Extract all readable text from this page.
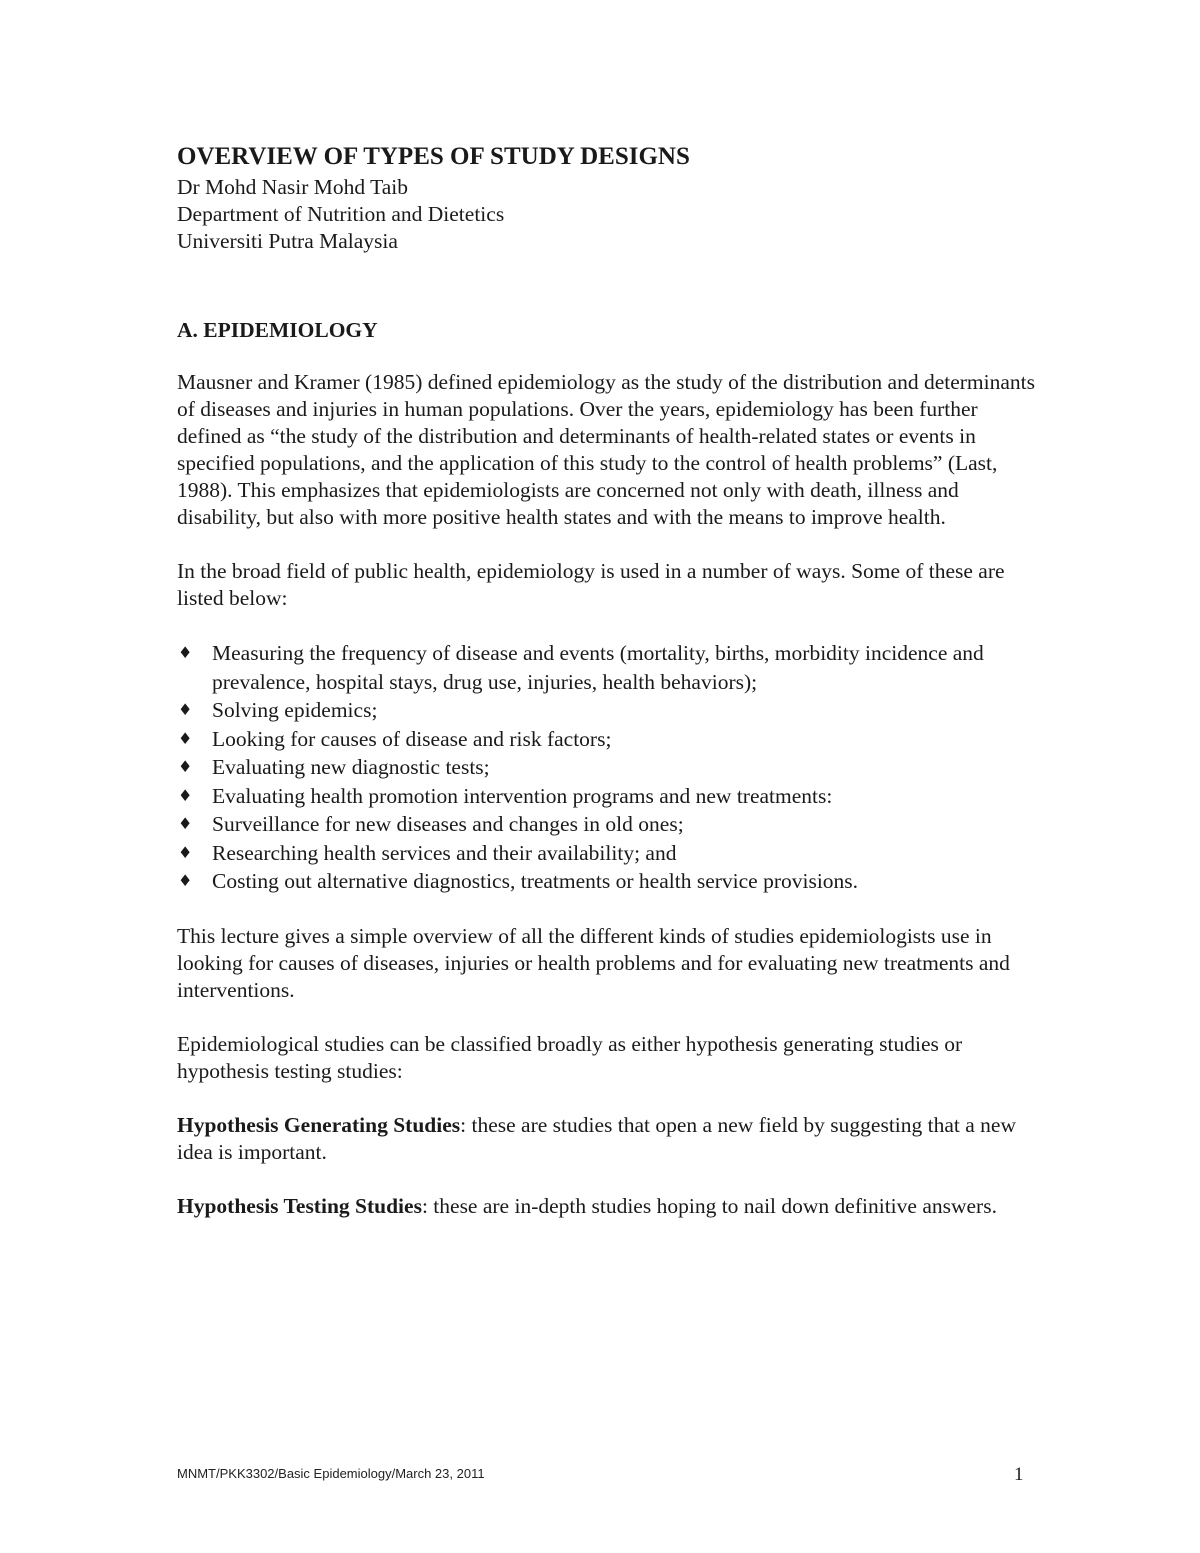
OVERVIEW OF TYPES OF STUDY DESIGNS

Dr Mohd Nasir Mohd Taib

Department of Nutrition and Dietetics

Universiti Putra Malaysia

A. EPIDEMIOLOGY

Mausner and Kramer (1985) defined epidemiology as the study of the distribution and determinants of diseases and injuries in human populations. Over the years, epidemiology has been further defined as “the study of the distribution and determinants of health-related states or events in specified populations, and the application of this study to the control of health problems” (Last, 1988). This emphasizes that epidemiologists are concerned not only with death, illness and disability, but also with more positive health states and with the means to improve health.

In the broad field of public health, epidemiology is used in a number of ways. Some of these are listed below:

♦ Measuring the frequency of disease and events (mortality, births, morbidity incidence and prevalence, hospital stays, drug use, injuries, health behaviors);
♦ Solving epidemics;
♦ Looking for causes of disease and risk factors;
♦ Evaluating new diagnostic tests;
♦ Evaluating health promotion intervention programs and new treatments:
♦ Surveillance for new diseases and changes in old ones;
♦ Researching health services and their availability; and
♦ Costing out alternative diagnostics, treatments or health service provisions.

This lecture gives a simple overview of all the different kinds of studies epidemiologists use in looking for causes of diseases, injuries or health problems and for evaluating new treatments and interventions.

Epidemiological studies can be classified broadly as either hypothesis generating studies or hypothesis testing studies:

Hypothesis Generating Studies: these are studies that open a new field by suggesting that a new idea is important.

Hypothesis Testing Studies: these are in-depth studies hoping to nail down definitive answers.

MNMT/PKK3302/Basic Epidemiology/March 23, 2011	1
